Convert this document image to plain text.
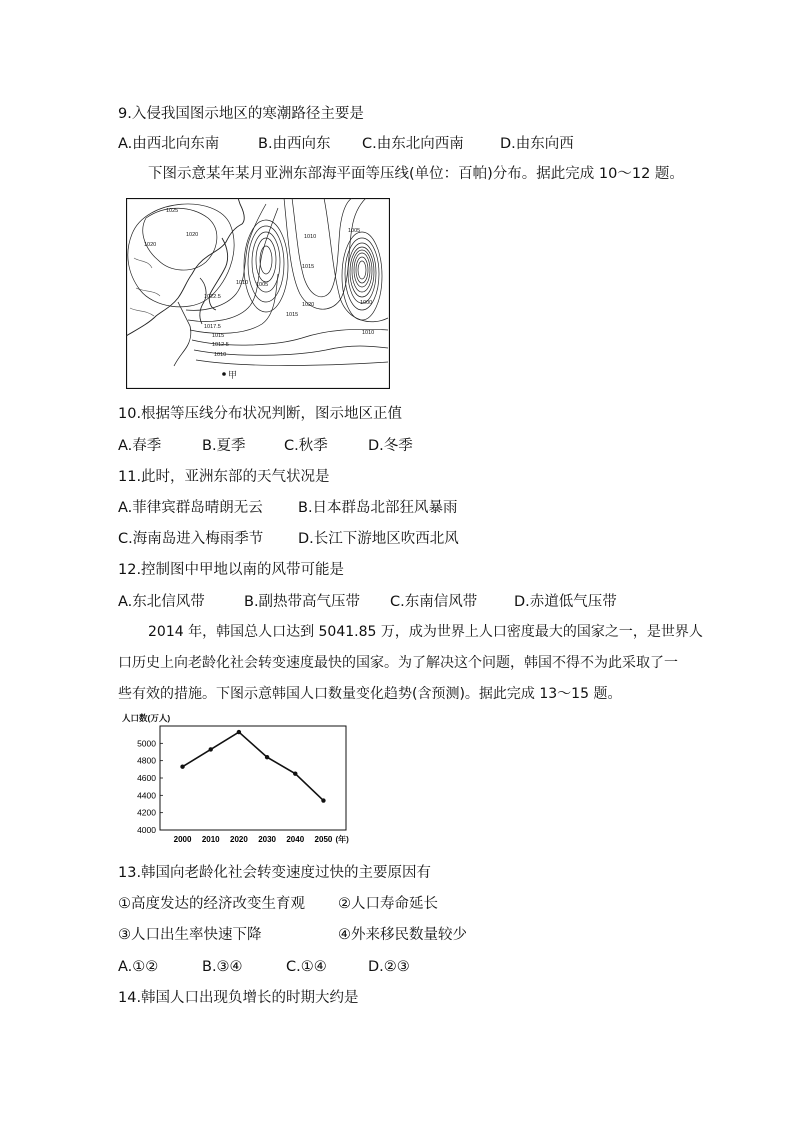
9.入侵我国图示地区的寒潮路径主要是
A.由西北向东南	B.由西向东 C.由东北向西南	D.由东向西
下图示意某年某月亚洲东部海平面等压线(单位：百帕)分布。据此完成 10～12 题。
1025
1020
1017.5
1015
1012.5
1010
1005
1010
1015
1020
1005
1000
1010
1010
1015
1022.5
1020
甲
10.根据等压线分布状况判断，图示地区正值
A.春季	B.夏季	C.秋季	D.冬季
11.此时，亚洲东部的天气状况是
A.菲律宾群岛晴朗无云 B.日本群岛北部狂风暴雨
C.海南岛进入梅雨季节 D.长江下游地区吹西北风
12.控制图中甲地以南的风带可能是
A.东北信风带	B.副热带高气压带 C.东南信风带	D.赤道低气压带
2014 年，韩国总人口达到 5041.85 万，成为世界上人口密度最大的国家之一，是世界人
口历史上向老龄化社会转变速度最快的国家。为了解决这个问题，韩国不得不为此采取了一
些有效的措施。下图示意韩国人口数量变化趋势(含预测)。据此完成 13～15 题。
人口数(万人)
4000
4200
4400
4600
4800
5000
2000 2010 2020 2030 2040 2050 (年)
13.韩国向老龄化社会转变速度过快的主要原因有
①高度发达的经济改变生育观 ②人口寿命延长
③人口出生率快速下降	④外来移民数量较少
A.①②	B.③④	C.①④	D.②③
14.韩国人口出现负增长的时期大约是
